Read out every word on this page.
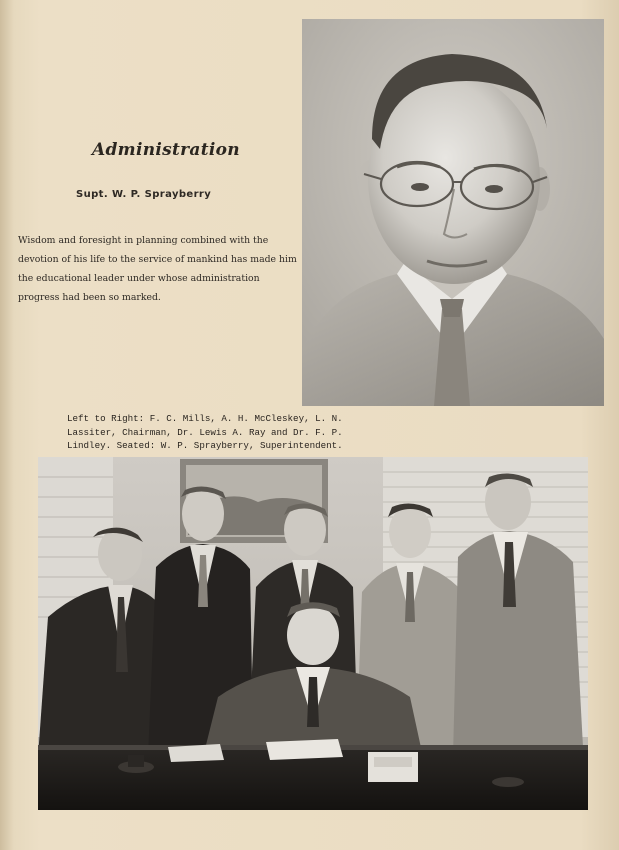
Administration
Supt. W. P. Sprayberry
Wisdom and foresight in planning combined with the devotion of his life to the service of mankind has made him the educational leader under whose administration progress had been so marked.
Left to Right: F. C. Mills, A. H. McCleskey, L. N. Lassiter, Chairman, Dr. Lewis A. Ray and Dr. F. P. Lindley. Seated: W. P. Sprayberry, Superintendent.
